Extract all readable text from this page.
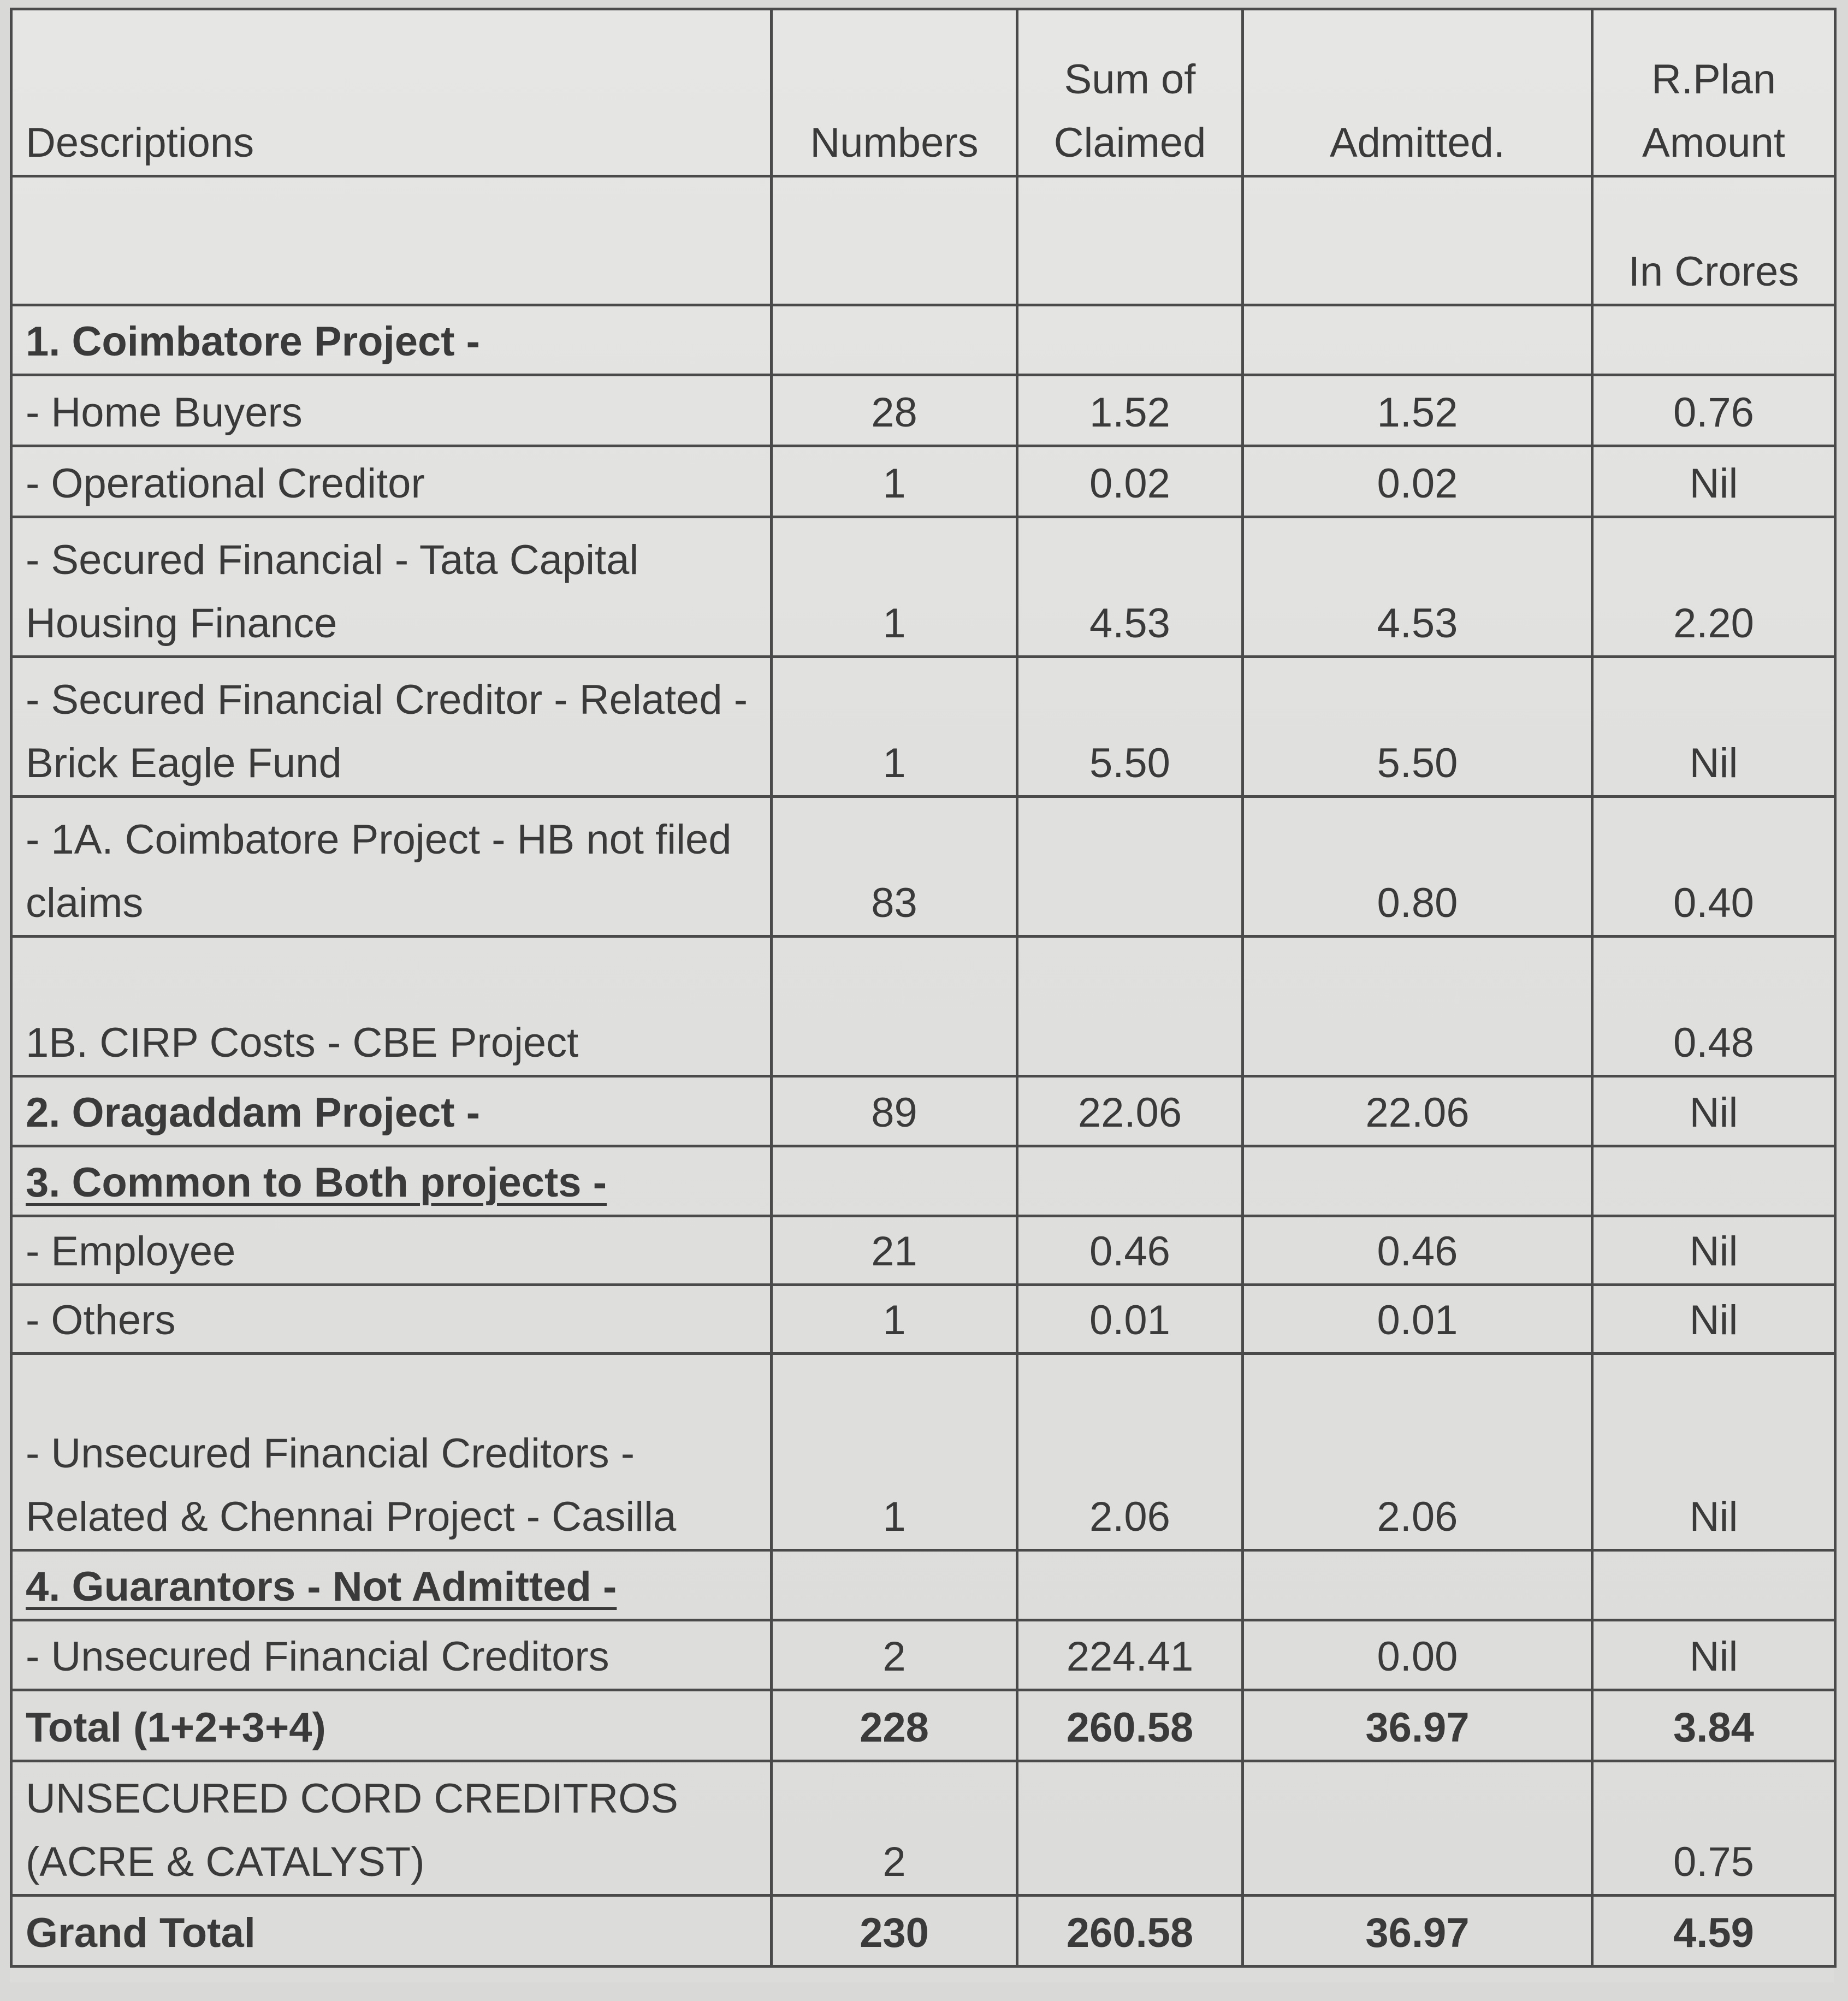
Descriptions	Numbers	Sum of Claimed	Admitted.	R.Plan Amount
				In Crores
1. Coimbatore Project -				
- Home Buyers	28	1.52	1.52	0.76
- Operational Creditor	1	0.02	0.02	Nil
- Secured Financial - Tata Capital Housing Finance	1	4.53	4.53	2.20
- Secured Financial Creditor - Related - Brick Eagle Fund	1	5.50	5.50	Nil
- 1A. Coimbatore Project - HB not filed claims	83		0.80	0.40
1B. CIRP Costs - CBE Project				0.48
2. Oragaddam Project -	89	22.06	22.06	Nil
3. Common to Both projects -				
- Employee	21	0.46	0.46	Nil
- Others	1	0.01	0.01	Nil
- Unsecured Financial Creditors - Related & Chennai Project - Casilla	1	2.06	2.06	Nil
4. Guarantors - Not Admitted -				
- Unsecured Financial Creditors	2	224.41	0.00	Nil
Total (1+2+3+4)	228	260.58	36.97	3.84
UNSECURED CORD CREDITROS (ACRE & CATALYST)	2			0.75
Grand Total	230	260.58	36.97	4.59
